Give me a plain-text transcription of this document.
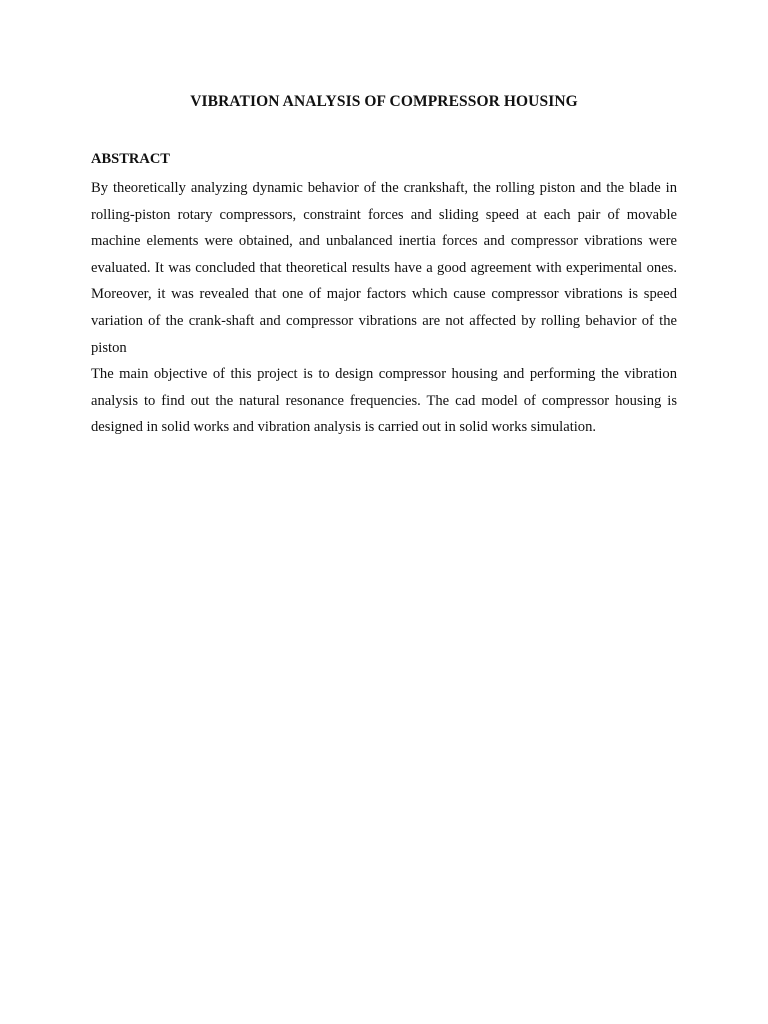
VIBRATION ANALYSIS OF COMPRESSOR HOUSING
ABSTRACT

By theoretically analyzing dynamic behavior of the crankshaft, the rolling piston and the blade in rolling-piston rotary compressors, constraint forces and sliding speed at each pair of movable machine elements were obtained, and unbalanced inertia forces and compressor vibrations were evaluated. It was concluded that theoretical results have a good agreement with experimental ones. Moreover, it was revealed that one of major factors which cause compressor vibrations is speed variation of the crank-shaft and compressor vibrations are not affected by rolling behavior of the piston

The main objective of this project is to design compressor housing and performing the vibration analysis to find out the natural resonance frequencies. The cad model of compressor housing is designed in solid works and vibration analysis is carried out in solid works simulation.
